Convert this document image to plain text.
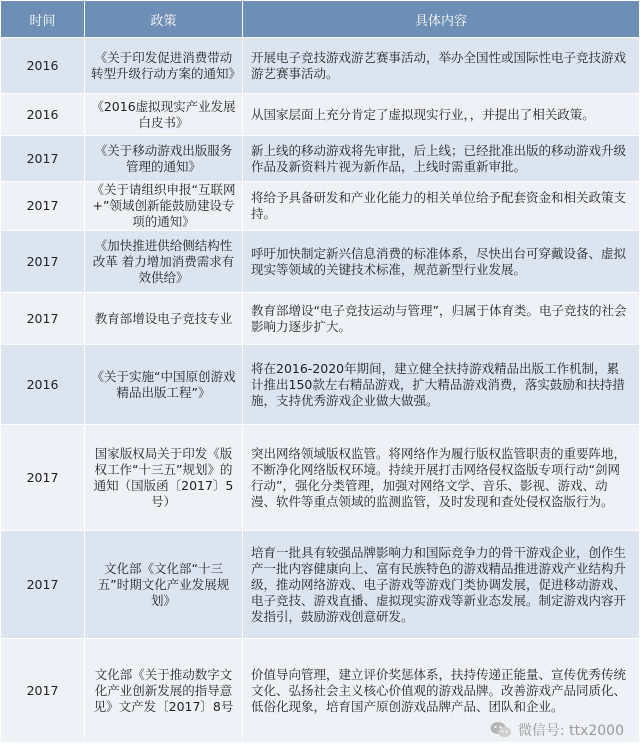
时间	政策	具体内容
2016	《关于印发促进消费带动转型升级行动方案的通知》	开展电子竞技游戏游艺赛事活动，举办全国性或国际性电子竞技游戏游艺赛事活动。
2016	《2016虚拟现实产业发展白皮书》	从国家层面上充分肯定了虚拟现实行业，，并提出了相关政策。
2017	《关于移动游戏出版服务管理的通知》	新上线的移动游戏将先审批，后上线；已经批准出版的移动游戏升级作品及新资料片视为新作品，上线时需重新审批。
2017	《关于请组织申报“互联网+”领域创新能鼓励建设专项的通知》	将给予具备研发和产业化能力的相关单位给予配套资金和相关政策支持。
2017	《加快推进供给侧结构性改革 着力增加消费需求有效供给》	呼吁加快制定新兴信息消费的标准体系，尽快出台可穿戴设备、虚拟现实等领域的关键技术标准，规范新型行业发展。
2017	教育部增设电子竞技专业	教育部增设“电子竞技运动与管理”，归属于体育类。电子竞技的社会影响力逐步扩大。
2016	《关于实施“中国原创游戏精品出版工程”》	将在2016-2020年期间，建立健全扶持游戏精品出版工作机制，累计推出150款左右精品游戏，扩大精品游戏消费，落实鼓励和扶持措施，支持优秀游戏企业做大做强。
2017	国家版权局关于印发《版权工作“十三五”规划》的通知（国版函〔2017〕5号）	突出网络领域版权监管。将网络作为履行版权监管职责的重要阵地，不断净化网络版权环境。持续开展打击网络侵权盗版专项行动“剑网行动”，强化分类管理，加强对网络文学、音乐、影视、游戏、动漫、软件等重点领域的监测监管，及时发现和查处侵权盗版行为。
2017	文化部《文化部“十三五”时期文化产业发展规划》	培育一批具有较强品牌影响力和国际竞争力的骨干游戏企业，创作生产一批内容健康向上、富有民族特色的游戏精品推进游戏产业结构升级，推动网络游戏、电子游戏等游戏门类协调发展，促进移动游戏、电子竞技、游戏直播、虚拟现实游戏等新业态发展。制定游戏内容开发指引，鼓励游戏创意研发。
2017	文化部《关于推动数字文化产业创新发展的指导意见》文产发〔2017〕8号	价值导向管理，建立评价奖惩体系，扶持传递正能量、宣传优秀传统文化、弘扬社会主义核心价值观的游戏品牌。改善游戏产品同质化、低俗化现象，培育国产原创游戏品牌产品、团队和企业。
微信号: ttx2000
